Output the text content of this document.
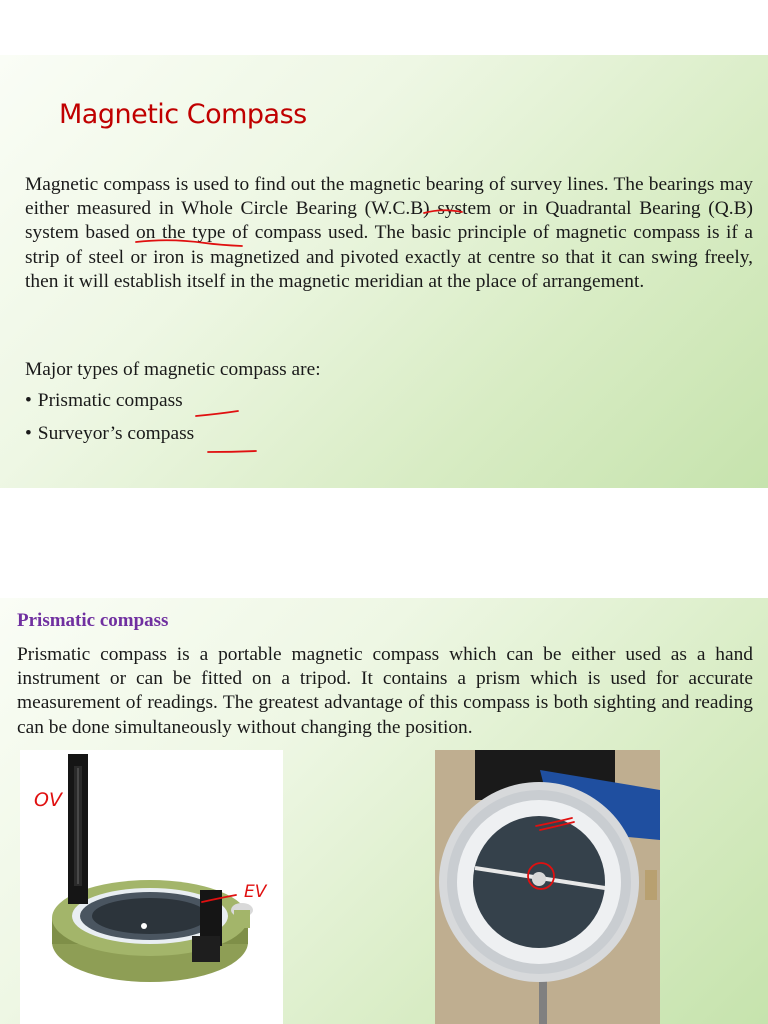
Magnetic Compass

Magnetic compass is used to find out the magnetic bearing of survey lines. The bearings may either measured in Whole Circle Bearing (W.C.B) system or in Quadrantal Bearing (Q.B) system based on the type of compass used. The basic principle of magnetic compass is if a strip of steel or iron is magnetized and pivoted exactly at centre so that it can swing freely, then it will establish itself in the magnetic meridian at the place of arrangement.

Major types of magnetic compass are:

• Prismatic compass
• Surveyor’s compass
Prismatic compass

Prismatic compass is a portable magnetic compass which can be either used as a hand instrument or can be fitted on a tripod. It contains a prism which is used for accurate measurement of readings. The greatest advantage of this compass is both sighting and reading can be done simultaneously without changing the position.

OV
EV
